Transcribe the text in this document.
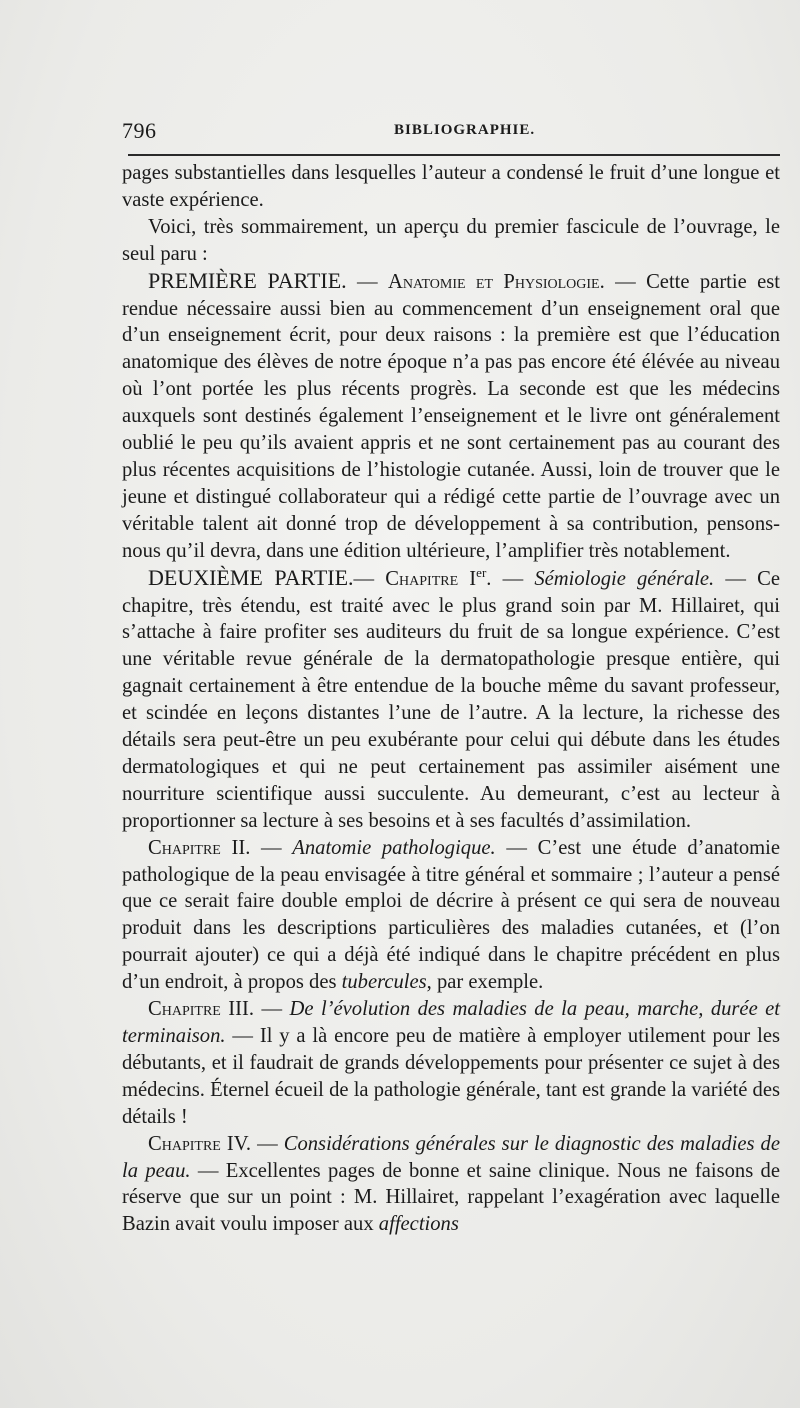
796	BIBLIOGRAPHIE.

pages substantielles dans lesquelles l’auteur a condensé le fruit d’une longue et vaste expérience.

Voici, très sommairement, un aperçu du premier fascicule de l’ouvrage, le seul paru :

PREMIÈRE PARTIE. — Anatomie et Physiologie. — Cette partie est rendue nécessaire aussi bien au commencement d’un enseignement oral que d’un enseignement écrit, pour deux raisons : la première est que l’éducation anatomique des élèves de notre époque n’a pas pas encore été élévée au niveau où l’ont portée les plus récents progrès. La seconde est que les médecins auxquels sont destinés également l’enseignement et le livre ont généralement oublié le peu qu’ils avaient appris et ne sont certainement pas au courant des plus récentes acquisitions de l’histologie cutanée. Aussi, loin de trouver que le jeune et distingué collaborateur qui a rédigé cette partie de l’ouvrage avec un véritable talent ait donné trop de développement à sa contribution, pensons-nous qu’il devra, dans une édition ultérieure, l’amplifier très notablement.

DEUXIÈME PARTIE.— Chapitre Ier. — Sémiologie générale. — Ce chapitre, très étendu, est traité avec le plus grand soin par M. Hillairet, qui s’attache à faire profiter ses auditeurs du fruit de sa longue expérience. C’est une véritable revue générale de la dermatopathologie presque entière, qui gagnait certainement à être entendue de la bouche même du savant professeur, et scindée en leçons distantes l’une de l’autre. A la lecture, la richesse des détails sera peut-être un peu exubérante pour celui qui débute dans les études dermatologiques et qui ne peut certainement pas assimiler aisément une nourriture scientifique aussi succulente. Au demeurant, c’est au lecteur à proportionner sa lecture à ses besoins et à ses facultés d’assimilation.

Chapitre II. — Anatomie pathologique. — C’est une étude d’anatomie pathologique de la peau envisagée à titre général et sommaire ; l’auteur a pensé que ce serait faire double emploi de décrire à présent ce qui sera de nouveau produit dans les descriptions particulières des maladies cutanées, et (l’on pourrait ajouter) ce qui a déjà été indiqué dans le chapitre précédent en plus d’un endroit, à propos des tubercules, par exemple.

Chapitre III. — De l’évolution des maladies de la peau, marche, durée et terminaison. — Il y a là encore peu de matière à employer utilement pour les débutants, et il faudrait de grands développements pour présenter ce sujet à des médecins. Éternel écueil de la pathologie générale, tant est grande la variété des détails !

Chapitre IV. — Considérations générales sur le diagnostic des maladies de la peau. — Excellentes pages de bonne et saine clinique. Nous ne faisons de réserve que sur un point : M. Hillairet, rappelant l’exagération avec laquelle Bazin avait voulu imposer aux affections
